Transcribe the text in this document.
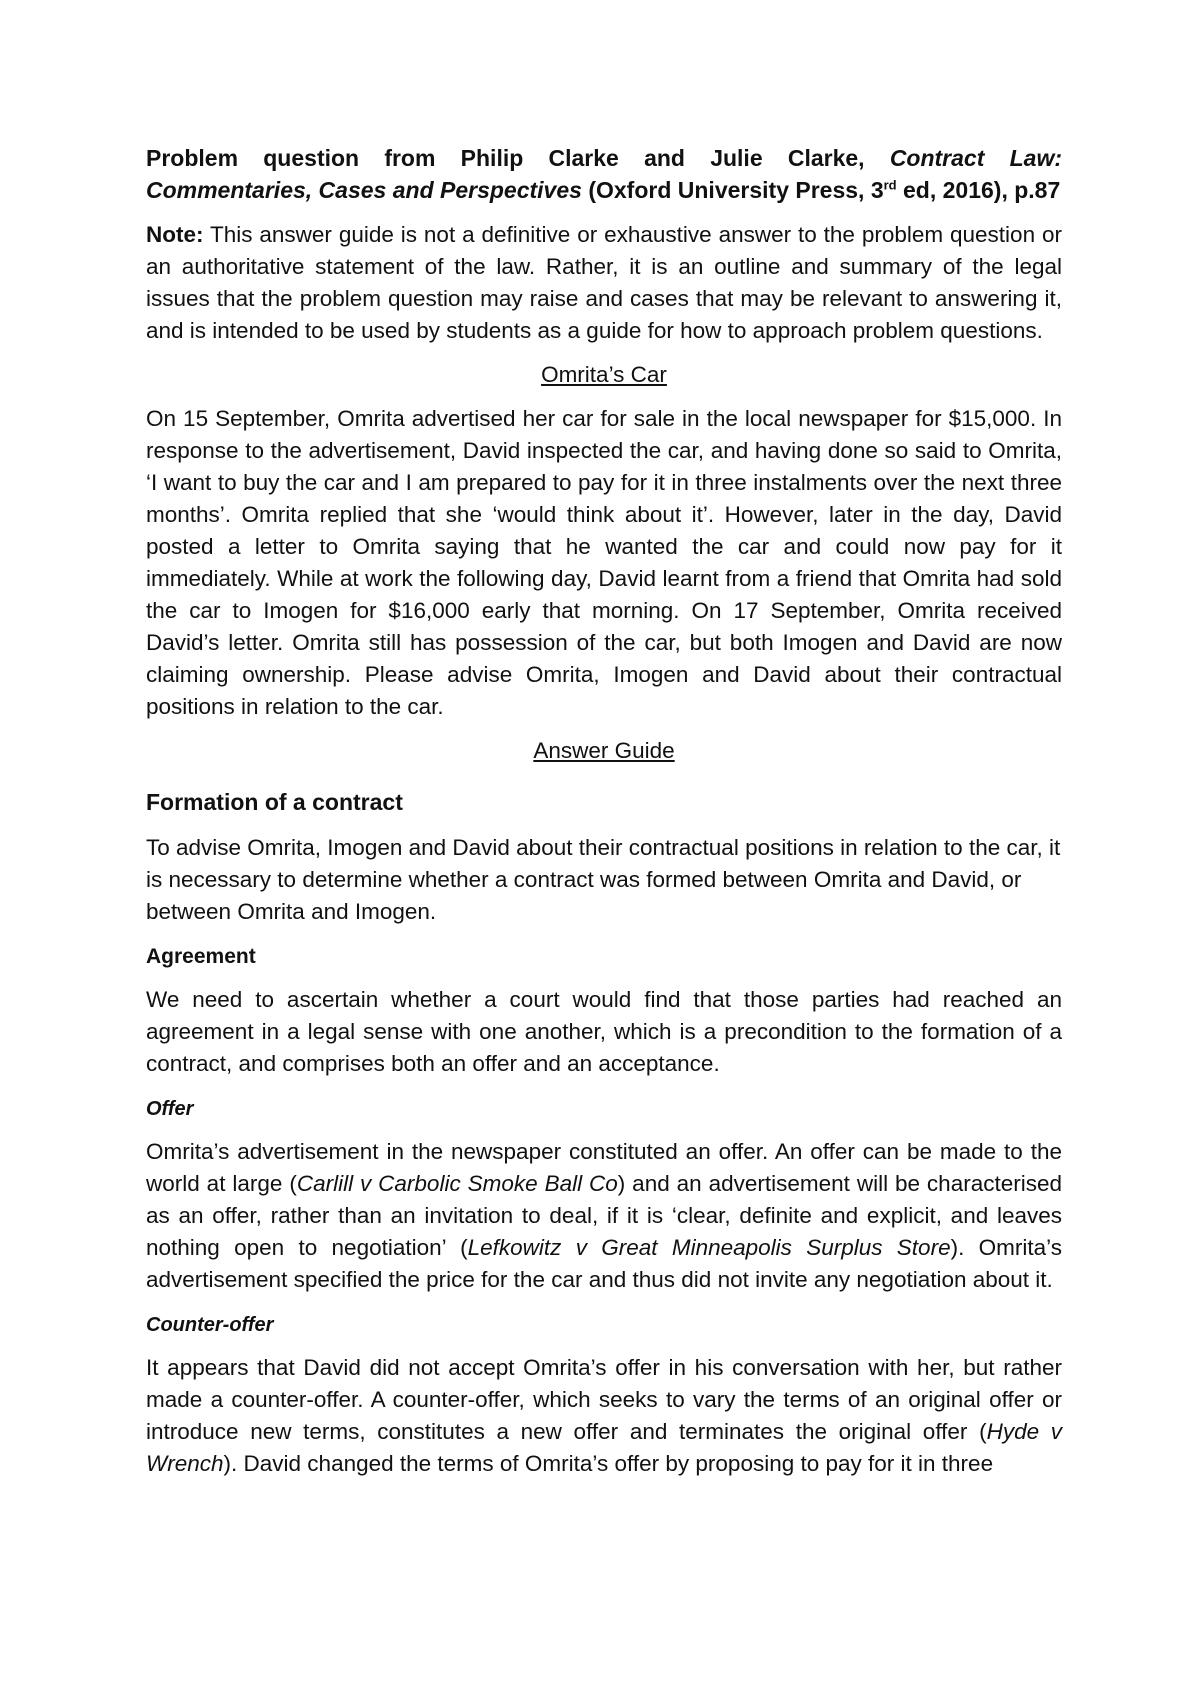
Problem question from Philip Clarke and Julie Clarke, Contract Law: Commentaries, Cases and Perspectives (Oxford University Press, 3rd ed, 2016), p.87

Note: This answer guide is not a definitive or exhaustive answer to the problem question or an authoritative statement of the law. Rather, it is an outline and summary of the legal issues that the problem question may raise and cases that may be relevant to answering it, and is intended to be used by students as a guide for how to approach problem questions.

Omrita’s Car

On 15 September, Omrita advertised her car for sale in the local newspaper for $15,000. In response to the advertisement, David inspected the car, and having done so said to Omrita, ‘I want to buy the car and I am prepared to pay for it in three instalments over the next three months’. Omrita replied that she ‘would think about it’. However, later in the day, David posted a letter to Omrita saying that he wanted the car and could now pay for it immediately. While at work the following day, David learnt from a friend that Omrita had sold the car to Imogen for $16,000 early that morning. On 17 September, Omrita received David’s letter. Omrita still has possession of the car, but both Imogen and David are now claiming ownership. Please advise Omrita, Imogen and David about their contractual positions in relation to the car.

Answer Guide
Formation of a contract

To advise Omrita, Imogen and David about their contractual positions in relation to the car, it is necessary to determine whether a contract was formed between Omrita and David, or between Omrita and Imogen.

Agreement

We need to ascertain whether a court would find that those parties had reached an agreement in a legal sense with one another, which is a precondition to the formation of a contract, and comprises both an offer and an acceptance.

Offer

Omrita’s advertisement in the newspaper constituted an offer. An offer can be made to the world at large (Carlill v Carbolic Smoke Ball Co) and an advertisement will be characterised as an offer, rather than an invitation to deal, if it is ‘clear, definite and explicit, and leaves nothing open to negotiation’ (Lefkowitz v Great Minneapolis Surplus Store). Omrita’s advertisement specified the price for the car and thus did not invite any negotiation about it.

Counter-offer

It appears that David did not accept Omrita’s offer in his conversation with her, but rather made a counter-offer. A counter-offer, which seeks to vary the terms of an original offer or introduce new terms, constitutes a new offer and terminates the original offer (Hyde v Wrench). David changed the terms of Omrita’s offer by proposing to pay for it in three
